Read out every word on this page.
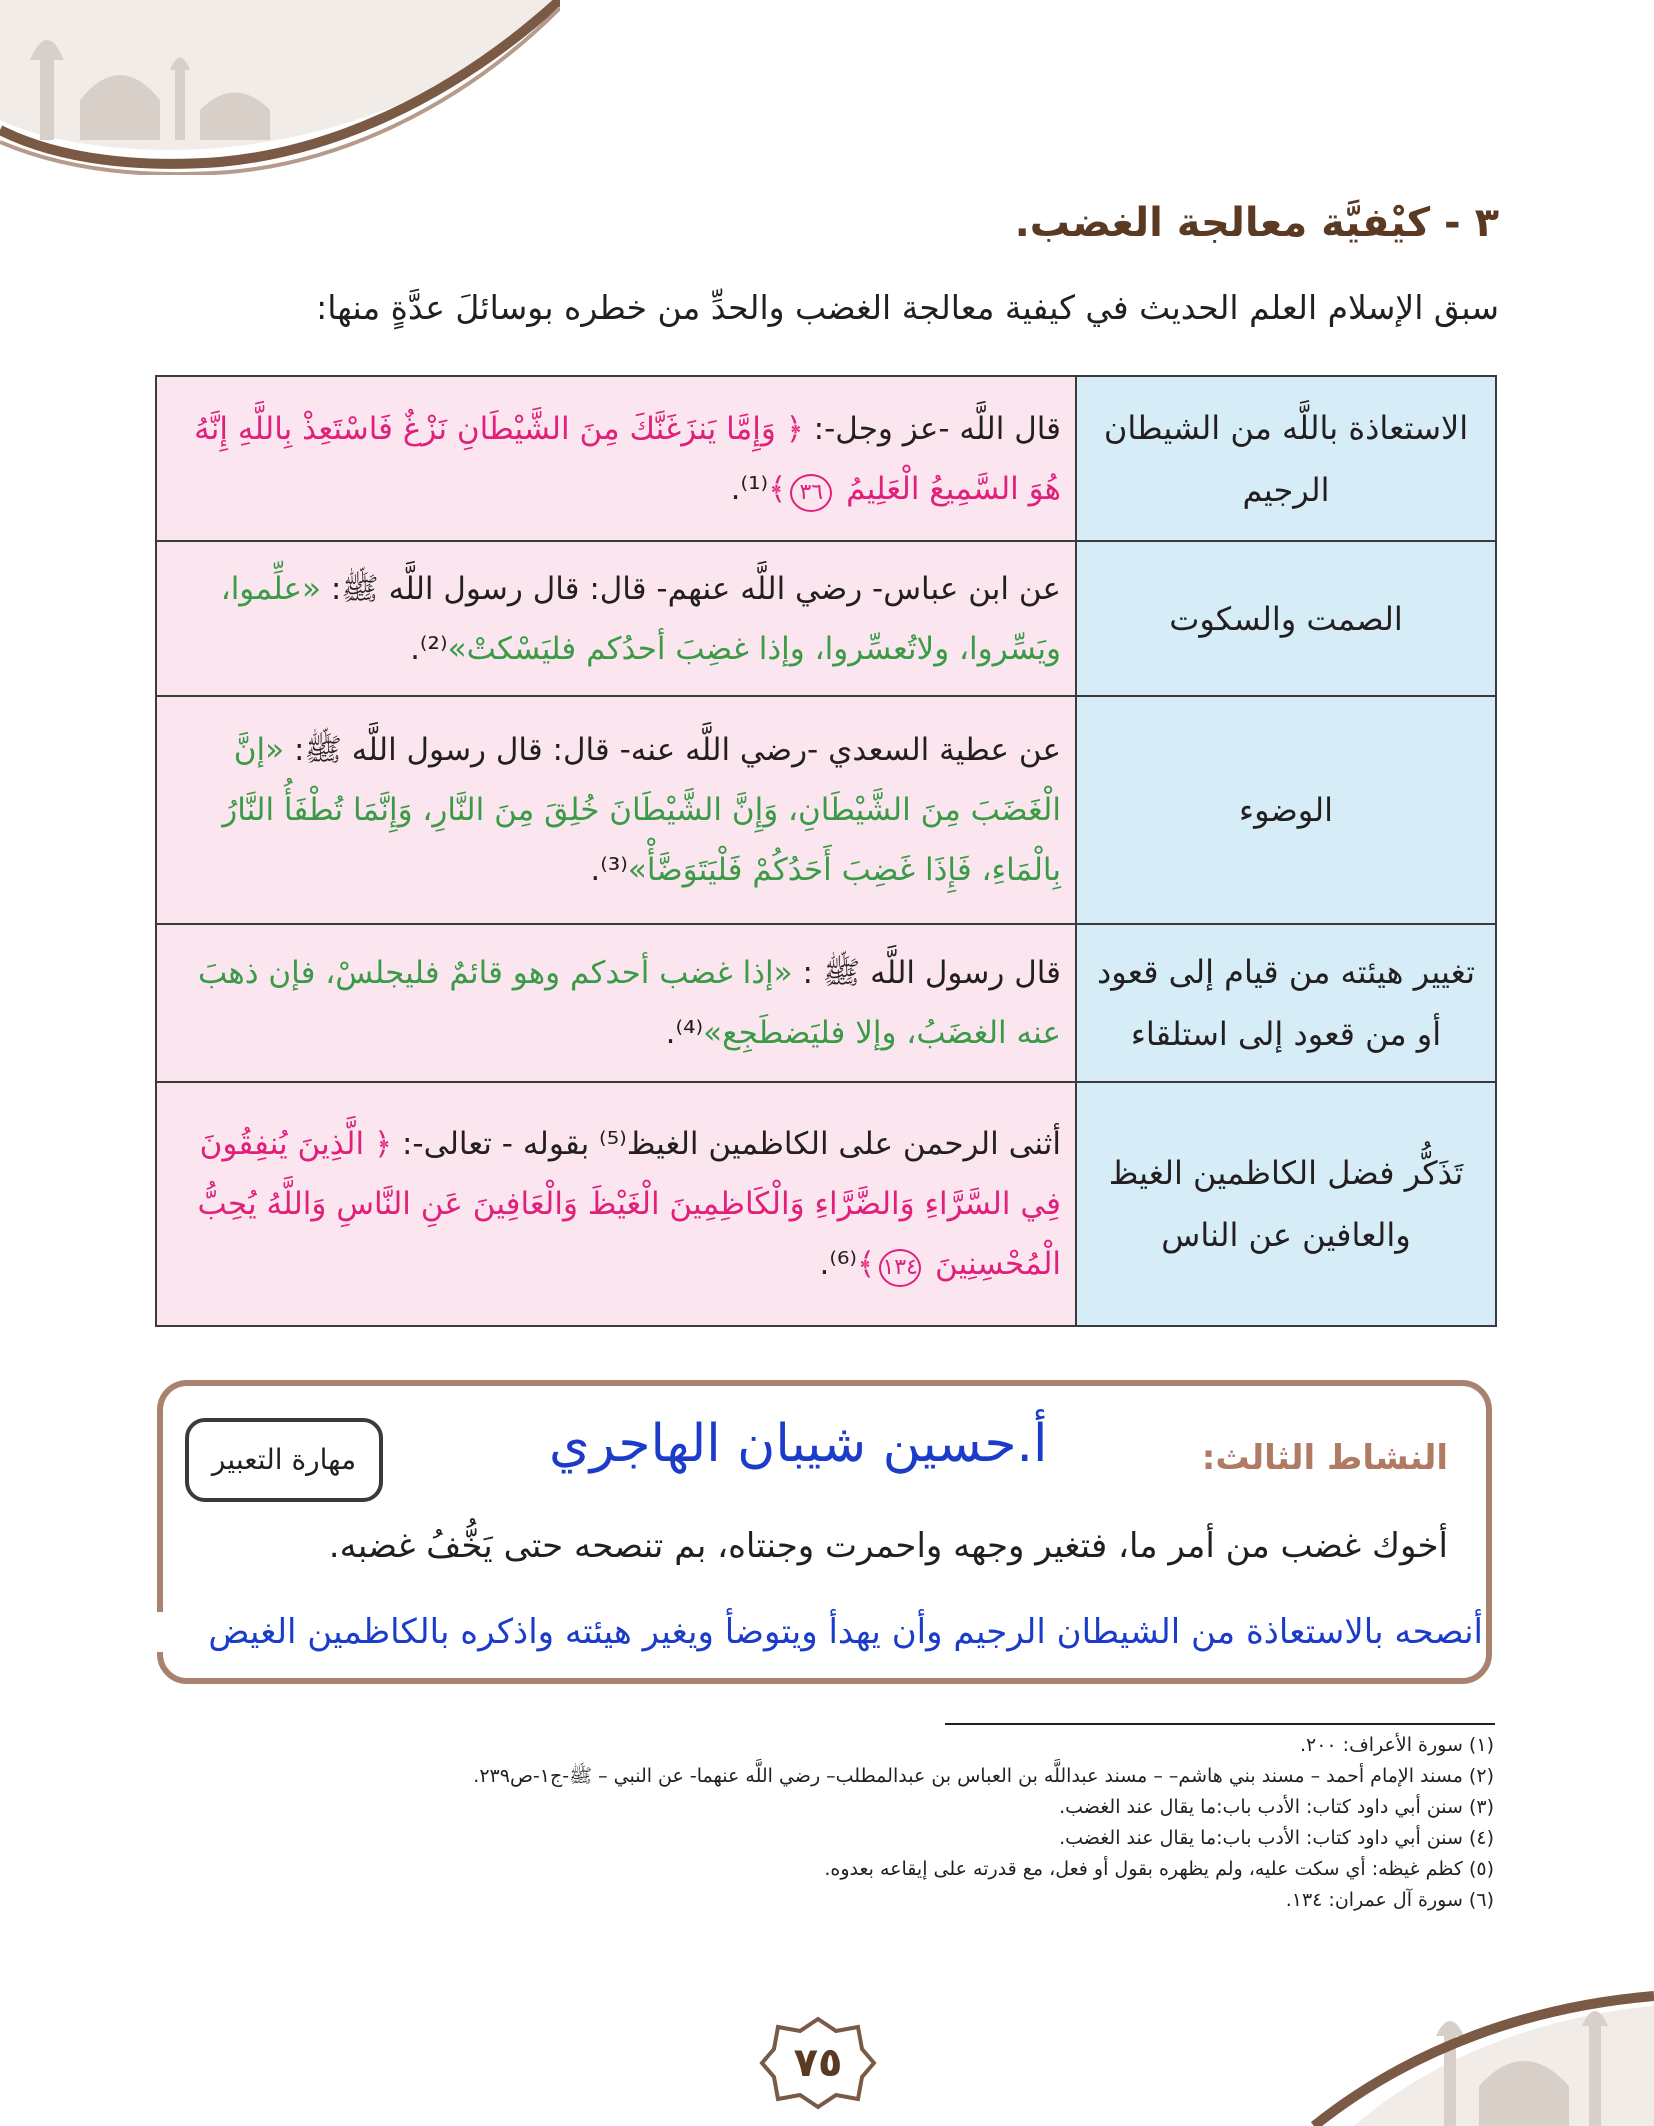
٣ - كيْفيَّة معالجة الغضب.
سبق الإسلام العلم الحديث في كيفية معالجة الغضب والحدِّ من خطره بوسائلَ عدَّةٍ منها:
الاستعاذة باللَّه من الشيطان الرجيم	قال اللَّه -عز وجل-: ﴿ وَإِمَّا يَنزَغَنَّكَ مِنَ الشَّيْطَانِ نَزْغٌ فَاسْتَعِذْ بِاللَّهِ إِنَّهُ هُوَ السَّمِيعُ الْعَلِيمُ ٣٦﴾⁽¹⁾.
الصمت والسكوت	عن ابن عباس- رضي اللَّه عنهم- قال: قال رسول اللَّه ﷺ: «علِّموا، ويَسِّروا، ولاتُعسِّروا، وإذا غضِبَ أحدُكم فليَسْكتْ»⁽²⁾.
الوضوء	عن عطية السعدي -رضي اللَّه عنه- قال: قال رسول اللَّه ﷺ: «إنَّ الْغَضَبَ مِنَ الشَّيْطَانِ، وَإِنَّ الشَّيْطَانَ خُلِقَ مِنَ النَّارِ، وَإِنَّمَا تُطْفَأُ النَّارُ بِالْمَاءِ، فَإِذَا غَضِبَ أَحَدُكُمْ فَلْيَتَوَضَّأْ»⁽³⁾.
تغيير هيئته من قيام إلى قعود أو من قعود إلى استلقاء	قال رسول اللَّه ﷺ : «إذا غضب أحدكم وهو قائمٌ فليجلسْ، فإن ذهبَ عنه الغضَبُ، وإلا فليَضطَجِع»⁽⁴⁾.
تَذَكُّر فضل الكاظمين الغيظ والعافين عن الناس	أثنى الرحمن على الكاظمين الغيظ⁽⁵⁾ بقوله - تعالى-: ﴿ الَّذِينَ يُنفِقُونَ فِي السَّرَّاءِ وَالضَّرَّاءِ وَالْكَاظِمِينَ الْغَيْظَ وَالْعَافِينَ عَنِ النَّاسِ وَاللَّهُ يُحِبُّ الْمُحْسِنِينَ ١٣٤﴾⁽⁶⁾.
النشاط الثالث:
أ.حسين شيبان الهاجري
مهارة التعبير
أخوك غضب من أمر ما، فتغير وجهه واحمرت وجنتاه، بم تنصحه حتى يَخُّفُ غضبه.
أنصحه بالاستعاذة من الشيطان الرجيم وأن يهدأ ويتوضأ ويغير هيئته واذكره بالكاظمين الغيض
(١) سورة الأعراف: ٢٠٠.
(٢) مسند الإمام أحمد – مسند بني هاشم– – مسند عبداللَّه بن العباس بن عبدالمطلب– رضي اللَّه عنهما- عن النبي – ﷺ-ج١-ص٢٣٩.
(٣) سنن أبي داود كتاب: الأدب باب:ما يقال عند الغضب.
(٤) سنن أبي داود كتاب: الأدب باب:ما يقال عند الغضب.
(٥) كظم غيظه: أي سكت عليه، ولم يظهره بقول أو فعل، مع قدرته على إيقاعه بعدوه.
(٦) سورة آل عمران: ١٣٤.
٧٥
